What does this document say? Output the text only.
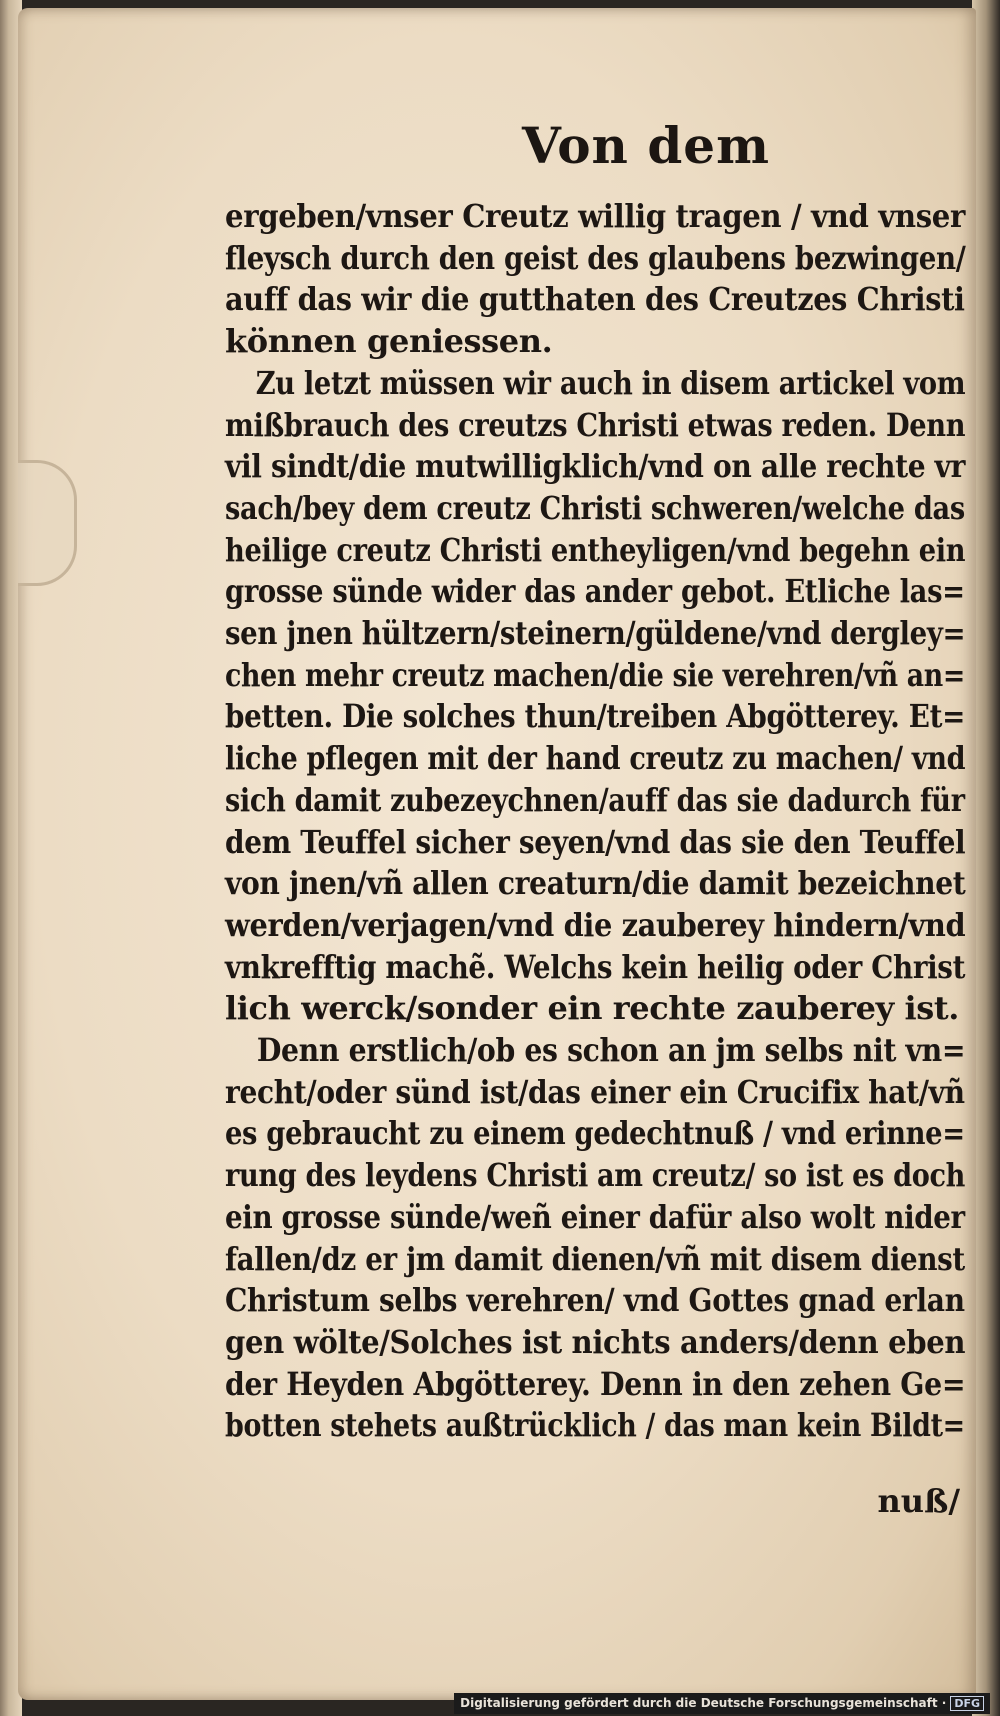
Von dem
ergeben/vnser Creutz willig tragen / vnd vnser
fleysch durch den geist des glaubens bezwingen/
auff das wir die gutthaten des Creutzes Christi
können geniessen.
Zu letzt müssen wir auch in disem artickel vom
mißbrauch des creutzs Christi etwas reden. Denn
vil sindt/die mutwilligklich/vnd on alle rechte vr
sach/bey dem creutz Christi schweren/welche das
heilige creutz Christi entheyligen/vnd begehn ein
grosse sünde wider das ander gebot. Etliche las=
sen jnen hültzern/steinern/güldene/vnd dergley=
chen mehr creutz machen/die sie verehren/vñ an=
betten. Die solches thun/treiben Abgötterey. Et=
liche pflegen mit der hand creutz zu machen/ vnd
sich damit zubezeychnen/auff das sie dadurch für
dem Teuffel sicher seyen/vnd das sie den Teuffel
von jnen/vñ allen creaturn/die damit bezeichnet
werden/verjagen/vnd die zauberey hindern/vnd
vnkrefftig machẽ. Welchs kein heilig oder Christ
lich werck/sonder ein rechte zauberey ist.
Denn erstlich/ob es schon an jm selbs nit vn=
recht/oder sünd ist/das einer ein Crucifix hat/vñ
es gebraucht zu einem gedechtnuß / vnd erinne=
rung des leydens Christi am creutz/ so ist es doch
ein grosse sünde/weñ einer dafür also wolt nider
fallen/dz er jm damit dienen/vñ mit disem dienst
Christum selbs verehren/ vnd Gottes gnad erlan
gen wölte/Solches ist nichts anders/denn eben
der Heyden Abgötterey. Denn in den zehen Ge=
botten stehets außtrücklich / das man kein Bildt=
nuß/
Digitalisierung gefördert durch die Deutsche Forschungsgemeinschaft · DFG
